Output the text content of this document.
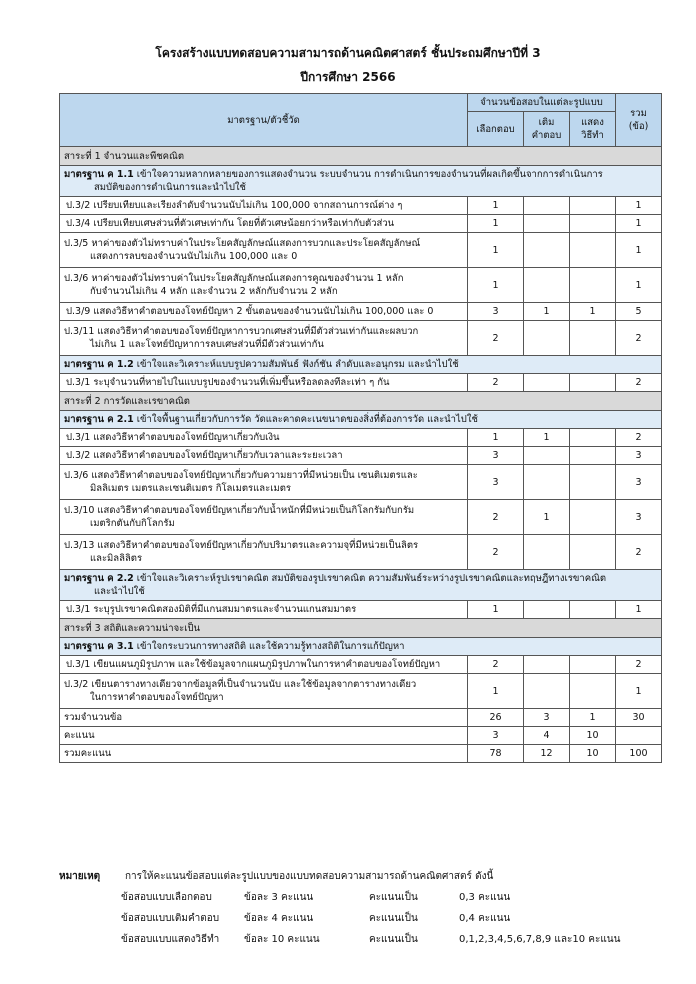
โครงสร้างแบบทดสอบความสามารถด้านคณิตศาสตร์ ชั้นประถมศึกษาปีที่ 3
ปีการศึกษา 2566
มาตรฐาน/ตัวชี้วัด	จำนวนข้อสอบในแต่ละรูปแบบ			รวม
(ข้อ)
	เลือกตอบ	เติม
คำตอบ	แสดง
วิธีทำ	
สาระที่ 1 จำนวนและพีชคณิต				
มาตรฐาน ค 1.1 เข้าใจความหลากหลายของการแสดงจำนวน ระบบจำนวน การดำเนินการของจำนวนที่ผลเกิดขึ้นจากการดำเนินการ
สมบัติของการดำเนินการและนำไปใช้				

ป.3/2 เปรียบเทียบและเรียงลำดับจำนวนนับไม่เกิน 100,000 จากสถานการณ์ต่าง ๆ	1			1
ป.3/4 เปรียบเทียบเศษส่วนที่ตัวเศษเท่ากัน โดยที่ตัวเศษน้อยกว่าหรือเท่ากับตัวส่วน	1			1
ป.3/5 หาค่าของตัวไม่ทราบค่าในประโยคสัญลักษณ์แสดงการบวกและประโยคสัญลักษณ์
แสดงการลบของจำนวนนับไม่เกิน 100,000 และ 0	1			1
ป.3/6 หาค่าของตัวไม่ทราบค่าในประโยคสัญลักษณ์แสดงการคูณของจำนวน 1 หลัก
กับจำนวนไม่เกิน 4 หลัก และจำนวน 2 หลักกับจำนวน 2 หลัก	1			1
ป.3/9 แสดงวิธีหาคำตอบของโจทย์ปัญหา 2 ขั้นตอนของจำนวนนับไม่เกิน 100,000 และ 0	3	1	1	5
ป.3/11 แสดงวิธีหาคำตอบของโจทย์ปัญหาการบวกเศษส่วนที่มีตัวส่วนเท่ากันและผลบวก
ไม่เกิน 1 และโจทย์ปัญหาการลบเศษส่วนที่มีตัวส่วนเท่ากัน	2			2
มาตรฐาน ค 1.2 เข้าใจและวิเคราะห์แบบรูปความสัมพันธ์ ฟังก์ชัน ลำดับและอนุกรม และนำไปใช้				
ป.3/1 ระบุจำนวนที่หายไปในแบบรูปของจำนวนที่เพิ่มขึ้นหรือลดลงทีละเท่า ๆ กัน	2			2
สาระที่ 2 การวัดและเรขาคณิต				
มาตรฐาน ค 2.1 เข้าใจพื้นฐานเกี่ยวกับการวัด วัดและคาดคะเนขนาดของสิ่งที่ต้องการวัด และนำไปใช้				
ป.3/1 แสดงวิธีหาคำตอบของโจทย์ปัญหาเกี่ยวกับเงิน	1	1		2
ป.3/2 แสดงวิธีหาคำตอบของโจทย์ปัญหาเกี่ยวกับเวลาและระยะเวลา	3			3
ป.3/6 แสดงวิธีหาคำตอบของโจทย์ปัญหาเกี่ยวกับความยาวที่มีหน่วยเป็น เซนติเมตรและ
มิลลิเมตร เมตรและเซนติเมตร กิโลเมตรและเมตร	3			3
ป.3/10 แสดงวิธีหาคำตอบของโจทย์ปัญหาเกี่ยวกับน้ำหนักที่มีหน่วยเป็นกิโลกรัมกับกรัม
เมตริกตันกับกิโลกรัม	2	1		3
ป.3/13 แสดงวิธีหาคำตอบของโจทย์ปัญหาเกี่ยวกับปริมาตรและความจุที่มีหน่วยเป็นลิตร
และมิลลิลิตร	2			2
มาตรฐาน ค 2.2 เข้าใจและวิเคราะห์รูปเรขาคณิต สมบัติของรูปเรขาคณิต ความสัมพันธ์ระหว่างรูปเรขาคณิตและทฤษฎีทางเรขาคณิต
และนำไปใช้				

ป.3/1 ระบุรูปเรขาคณิตสองมิติที่มีแกนสมมาตรและจำนวนแกนสมมาตร	1			1
สาระที่ 3 สถิติและความน่าจะเป็น				
มาตรฐาน ค 3.1 เข้าใจกระบวนการทางสถิติ และใช้ความรู้ทางสถิติในการแก้ปัญหา				
ป.3/1 เขียนแผนภูมิรูปภาพ และใช้ข้อมูลจากแผนภูมิรูปภาพในการหาคำตอบของโจทย์ปัญหา	2			2
ป.3/2 เขียนตารางทางเดียวจากข้อมูลที่เป็นจำนวนนับ และใช้ข้อมูลจากตารางทางเดียว
ในการหาคำตอบของโจทย์ปัญหา	1			1
รวมจำนวนข้อ	26	3	1	30
คะแนน	3	4	10	
รวมคะแนน	78	12	10	100
หมายเหตุ การให้คะแนนข้อสอบแต่ละรูปแบบของแบบทดสอบความสามารถด้านคณิตศาสตร์ ดังนี้
ข้อสอบแบบเลือกตอบ	ข้อละ 3 คะแนน	คะแนนเป็น	0,3 คะแนน
ข้อสอบแบบเติมคำตอบ ข้อละ 4 คะแนน	คะแนนเป็น	0,4 คะแนน
ข้อสอบแบบแสดงวิธีทำ ข้อละ 10 คะแนน	คะแนนเป็น	0,1,2,3,4,5,6,7,8,9 และ10 คะแนน
